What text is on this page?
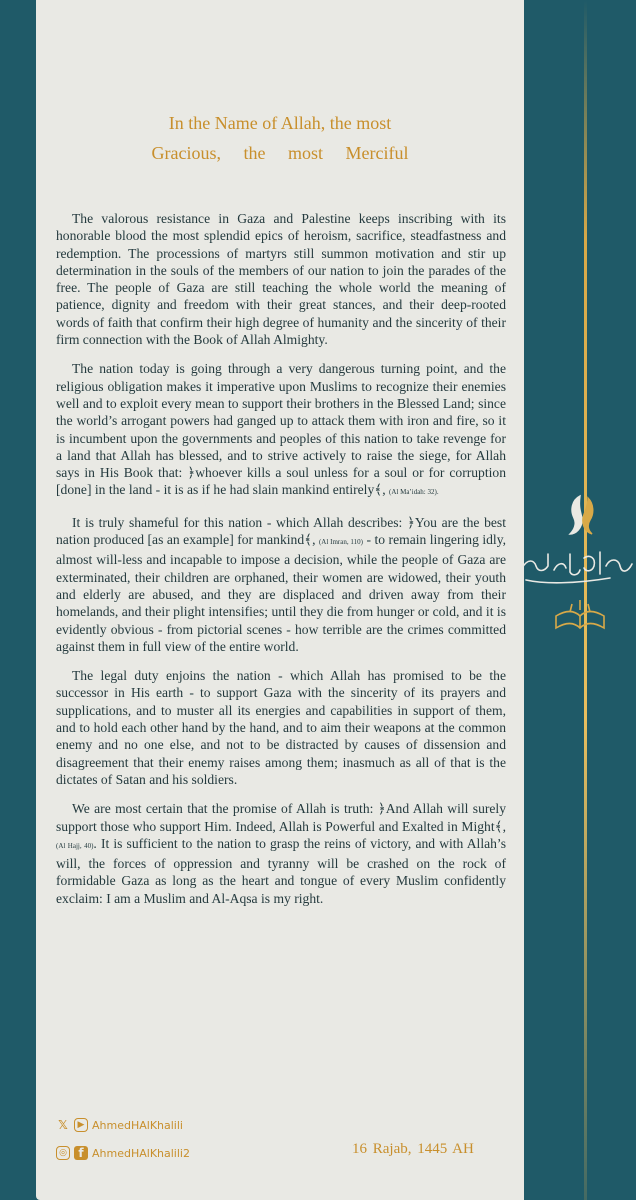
In the Name of Allah, the most
Gracious, the most Merciful

The valorous resistance in Gaza and Palestine keeps inscribing with its honorable blood the most splendid epics of heroism, sacrifice, steadfastness and redemption. The processions of martyrs still summon motivation and stir up determination in the souls of the members of our nation to join the parades of the free. The people of Gaza are still teaching the whole world the meaning of patience, dignity and freedom with their great stances, and their deep-rooted words of faith that confirm their high degree of humanity and the sincerity of their firm connection with the Book of Allah Almighty.

The nation today is going through a very dangerous turning point, and the religious obligation makes it imperative upon Muslims to recognize their enemies well and to exploit every mean to support their brothers in the Blessed Land; since the world’s arrogant powers had ganged up to attack them with iron and fire, so it is incumbent upon the governments and peoples of this nation to take revenge for a land that Allah has blessed, and to strive actively to raise the siege, for Allah says in His Book that: ﴿whoever kills a soul unless for a soul or for corruption [done] in the land - it is as if he had slain mankind entirely﴾, (Al Ma’idah: 32).

It is truly shameful for this nation - which Allah describes: ﴿You are the best nation produced [as an example] for mankind﴾, (Al Imran, 110) - to remain lingering idly, almost will-less and incapable to impose a decision, while the people of Gaza are exterminated, their children are orphaned, their women are widowed, their youth and elderly are abused, and they are displaced and driven away from their homelands, and their plight intensifies; until they die from hunger or cold, and it is evidently obvious - from pictorial scenes - how terrible are the crimes committed against them in full view of the entire world.

The legal duty enjoins the nation - which Allah has promised to be the successor in His earth - to support Gaza with the sincerity of its prayers and supplications, and to muster all its energies and capabilities in support of them, and to hold each other hand by the hand, and to aim their weapons at the common enemy and no one else, and not to be distracted by causes of dissension and disagreement that their enemy raises among them; inasmuch as all of that is the dictates of Satan and his soldiers.

We are most certain that the promise of Allah is truth: ﴿And Allah will surely support those who support Him. Indeed, Allah is Powerful and Exalted in Might﴾, (Al Hajj, 40). It is sufficient to the nation to grasp the reins of victory, and with Allah’s will, the forces of oppression and tyranny will be crashed on the rock of formidable Gaza as long as the heart and tongue of every Muslim confidently exclaim: I am a Muslim and Al-Aqsa is my right.

𝕏	▶ AhmedHAlKhalili
◎ f AhmedHAlKhalili2	16 Rajab, 1445 AH
